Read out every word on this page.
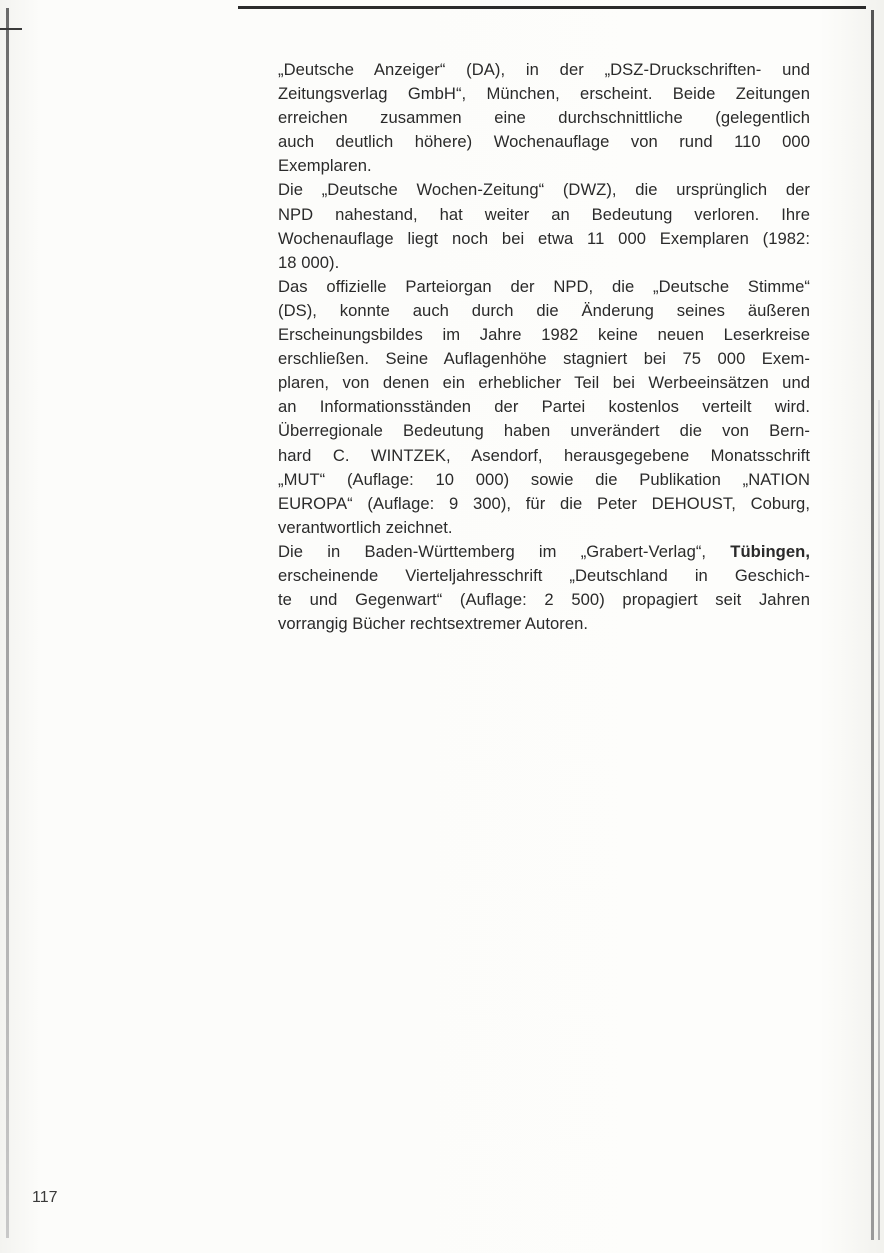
„Deutsche Anzeiger“ (DA), in der „DSZ-Druckschriften- und
Zeitungsverlag GmbH“, München, erscheint. Beide Zeitungen
erreichen zusammen eine durchschnittliche (gelegentlich
auch deutlich höhere) Wochenauflage von rund 110 000
Exemplaren.

Die „Deutsche Wochen-Zeitung“ (DWZ), die ursprünglich der
NPD nahestand, hat weiter an Bedeutung verloren. Ihre
Wochenauflage liegt noch bei etwa 11 000 Exemplaren (1982:
18 000).

Das offizielle Parteiorgan der NPD, die „Deutsche Stimme“
(DS), konnte auch durch die Änderung seines äußeren
Erscheinungsbildes im Jahre 1982 keine neuen Leserkreise
erschließen. Seine Auflagenhöhe stagniert bei 75 000 Exem-
plaren, von denen ein erheblicher Teil bei Werbeeinsätzen und
an Informationsständen der Partei kostenlos verteilt wird.

Überregionale Bedeutung haben unverändert die von Bern-
hard C. WINTZEK, Asendorf, herausgegebene Monatsschrift
„MUT“ (Auflage: 10 000) sowie die Publikation „NATION
EUROPA“ (Auflage: 9 300), für die Peter DEHOUST, Coburg,
verantwortlich zeichnet.

Die in Baden-Württemberg im „Grabert-Verlag“, Tübingen,
erscheinende Vierteljahresschrift „Deutschland in Geschich-
te und Gegenwart“ (Auflage: 2 500) propagiert seit Jahren
vorrangig Bücher rechtsextremer Autoren.

117
